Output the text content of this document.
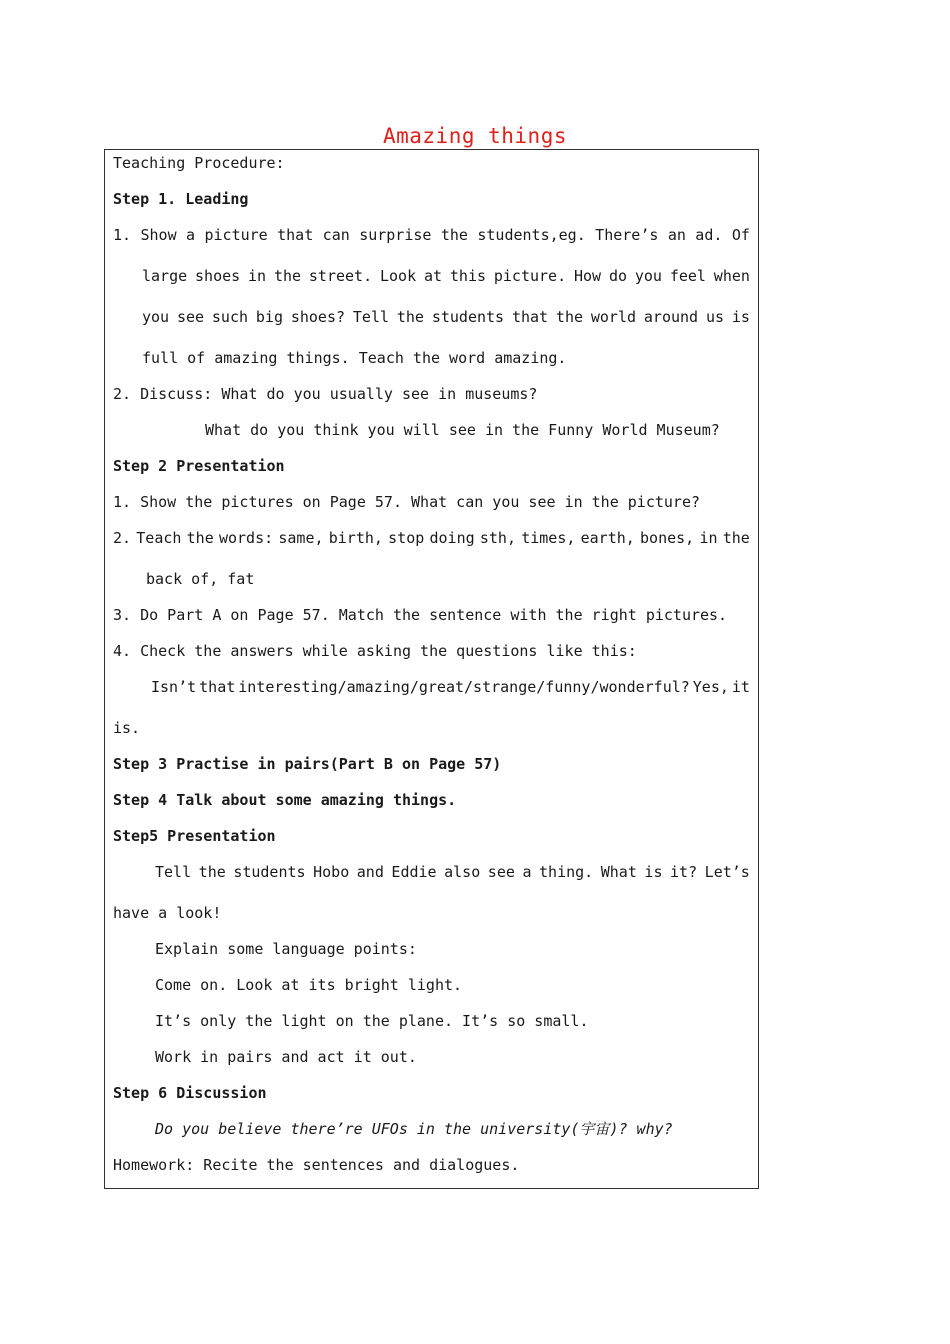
Amazing things
Teaching Procedure:
Step 1. Leading
1. Show a picture that can surprise the students,eg. There’s an ad. Of
large shoes in the street. Look at this picture. How do you feel when
you see such big shoes? Tell the students that the world around us is
full of amazing things. Teach the word amazing.
2. Discuss: What do you usually see in museums?
What do you think you will see in the Funny World Museum?
Step 2 Presentation
1. Show the pictures on Page 57. What can you see in the picture?
2. Teach the words: same, birth, stop doing sth, times, earth, bones, in the
back of, fat
3. Do Part A on Page 57. Match the sentence with the right pictures.
4. Check the answers while asking the questions like this:
Isn’t that interesting/amazing/great/strange/funny/wonderful? Yes, it
is.
Step 3 Practise in pairs(Part B on Page 57)
Step 4 Talk about some amazing things.
Step5 Presentation
Tell the students Hobo and Eddie also see a thing. What is it? Let’s
have a look!
Explain some language points:
Come on. Look at its bright light.
It’s only the light on the plane. It’s so small.
Work in pairs and act it out.
Step 6 Discussion
Do you believe there’re UFOs in the university(宇宙)? why?
Homework: Recite the sentences and dialogues.
